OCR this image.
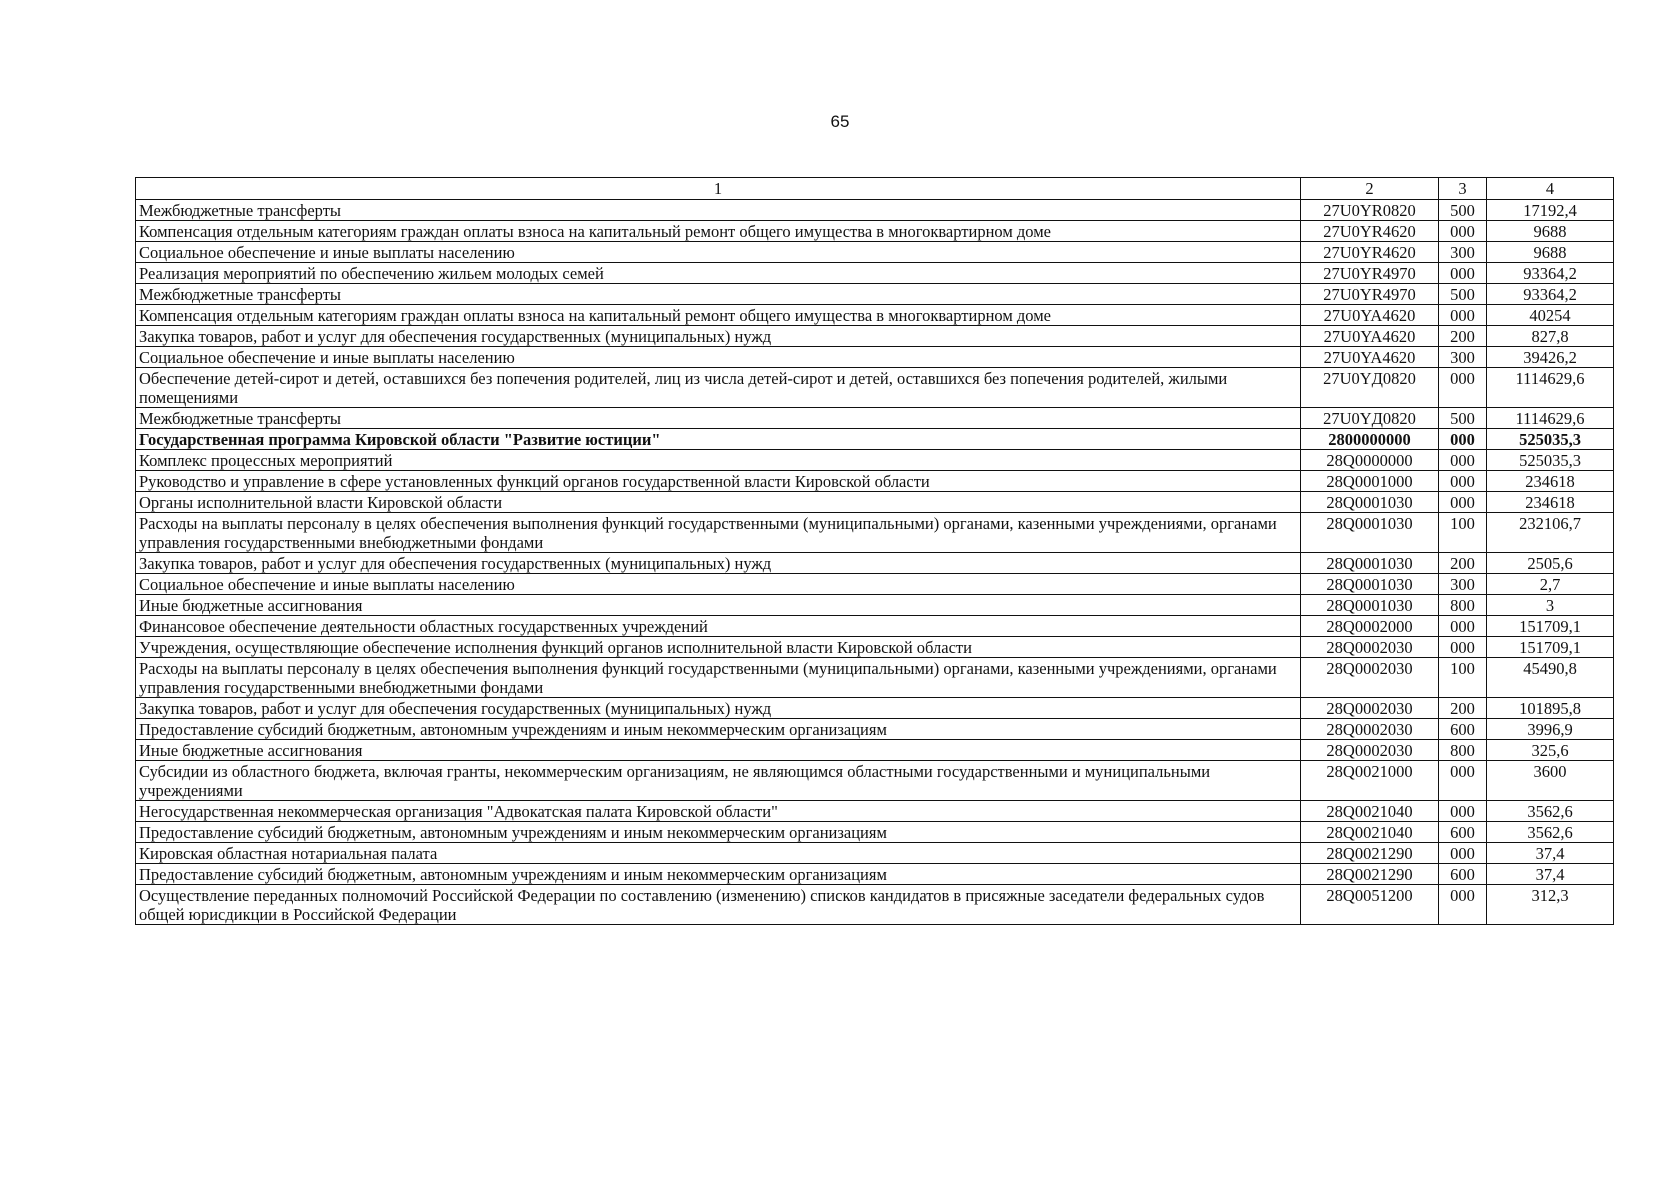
65
1	2	3	4
Межбюджетные трансферты	27U0YR0820	500	17192,4
Компенсация отдельным категориям граждан оплаты взноса на капитальный ремонт общего имущества в многоквартирном доме	27U0YR4620	000	9688
Социальное обеспечение и иные выплаты населению	27U0YR4620	300	9688
Реализация мероприятий по обеспечению жильем молодых семей	27U0YR4970	000	93364,2
Межбюджетные трансферты	27U0YR4970	500	93364,2
Компенсация отдельным категориям граждан оплаты взноса на капитальный ремонт общего имущества в многоквартирном доме	27U0YA4620	000	40254
Закупка товаров, работ и услуг для обеспечения государственных (муниципальных) нужд	27U0YA4620	200	827,8
Социальное обеспечение и иные выплаты населению	27U0YA4620	300	39426,2
Обеспечение детей-сирот и детей, оставшихся без попечения родителей, лиц из числа детей-сирот и детей, оставшихся без попечения родителей, жилыми помещениями	27U0YД0820	000	1114629,6
Межбюджетные трансферты	27U0YД0820	500	1114629,6
Государственная программа Кировской области "Развитие юстиции"	2800000000	000	525035,3
Комплекс процессных мероприятий	28Q0000000	000	525035,3
Руководство и управление в сфере установленных функций органов государственной власти Кировской области	28Q0001000	000	234618
Органы исполнительной власти Кировской области	28Q0001030	000	234618
Расходы на выплаты персоналу в целях обеспечения выполнения функций государственными (муниципальными) органами, казенными учреждениями, органами управления государственными внебюджетными фондами	28Q0001030	100	232106,7
Закупка товаров, работ и услуг для обеспечения государственных (муниципальных) нужд	28Q0001030	200	2505,6
Социальное обеспечение и иные выплаты населению	28Q0001030	300	2,7
Иные бюджетные ассигнования	28Q0001030	800	3
Финансовое обеспечение деятельности областных государственных учреждений	28Q0002000	000	151709,1
Учреждения, осуществляющие обеспечение исполнения функций органов исполнительной власти Кировской области	28Q0002030	000	151709,1
Расходы на выплаты персоналу в целях обеспечения выполнения функций государственными (муниципальными) органами, казенными учреждениями, органами управления государственными внебюджетными фондами	28Q0002030	100	45490,8
Закупка товаров, работ и услуг для обеспечения государственных (муниципальных) нужд	28Q0002030	200	101895,8
Предоставление субсидий бюджетным, автономным учреждениям и иным некоммерческим организациям	28Q0002030	600	3996,9
Иные бюджетные ассигнования	28Q0002030	800	325,6
Субсидии из областного бюджета, включая гранты, некоммерческим организациям, не являющимся областными государственными и муниципальными учреждениями	28Q0021000	000	3600
Негосударственная некоммерческая организация "Адвокатская палата Кировской области"	28Q0021040	000	3562,6
Предоставление субсидий бюджетным, автономным учреждениям и иным некоммерческим организациям	28Q0021040	600	3562,6
Кировская областная нотариальная палата	28Q0021290	000	37,4
Предоставление субсидий бюджетным, автономным учреждениям и иным некоммерческим организациям	28Q0021290	600	37,4
Осуществление переданных полномочий Российской Федерации по составлению (изменению) списков кандидатов в присяжные заседатели федеральных судов общей юрисдикции в Российской Федерации	28Q0051200	000	312,3
